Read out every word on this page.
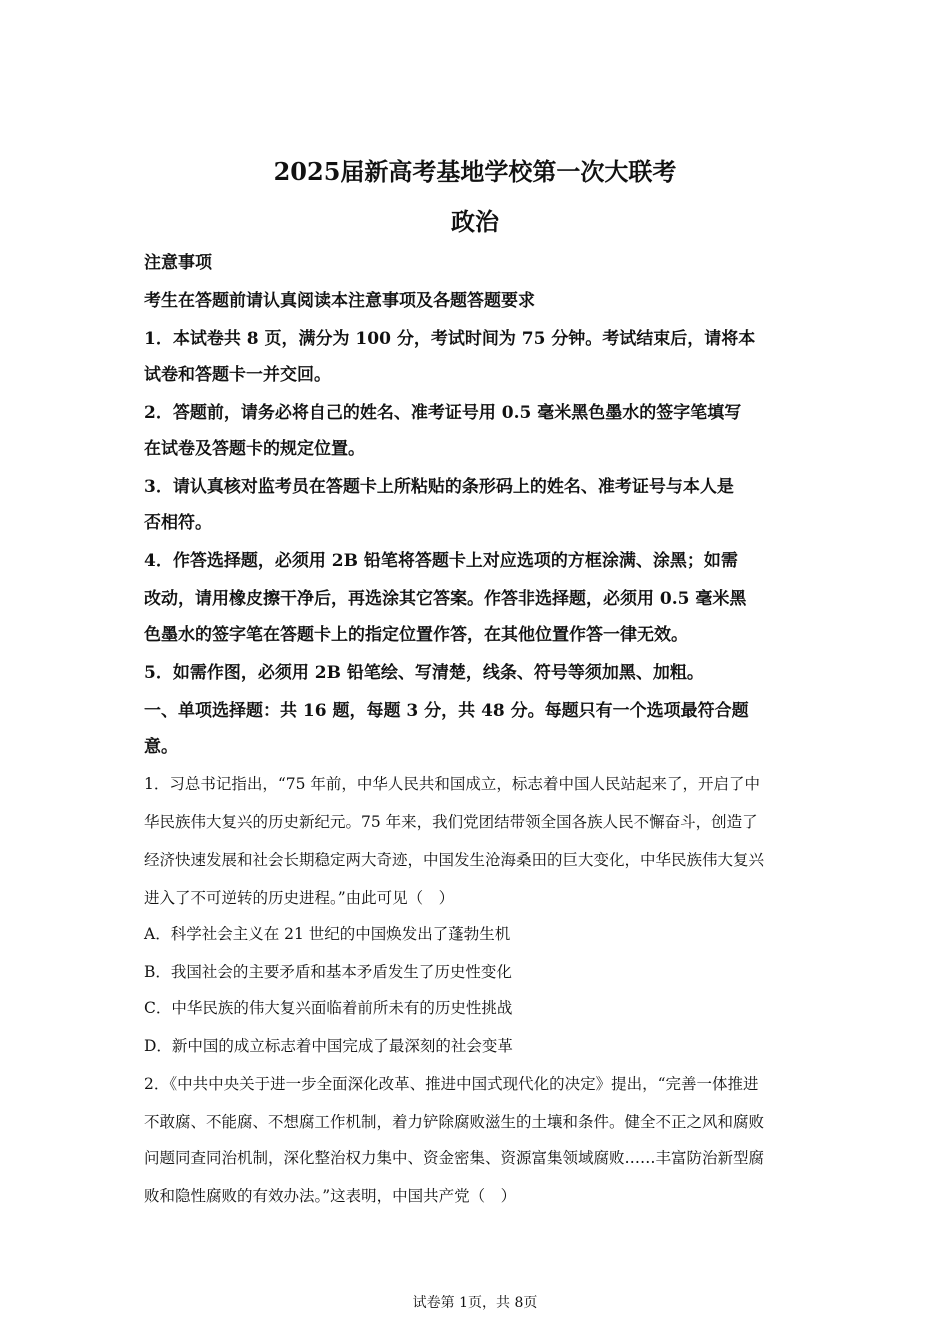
2025届新高考基地学校第一次大联考
政治
注意事项
考生在答题前请认真阅读本注意事项及各题答题要求
1．本试卷共 8 页，满分为 100 分，考试时间为 75 分钟。考试结束后，请将本
试卷和答题卡一并交回。
2．答题前，请务必将自己的姓名、准考证号用 0.5 毫米黑色墨水的签字笔填写
在试卷及答题卡的规定位置。
3．请认真核对监考员在答题卡上所粘贴的条形码上的姓名、准考证号与本人是
否相符。
4．作答选择题，必须用 2B 铅笔将答题卡上对应选项的方框涂满、涂黑；如需
改动，请用橡皮擦干净后，再选涂其它答案。作答非选择题，必须用 0.5 毫米黑
色墨水的签字笔在答题卡上的指定位置作答，在其他位置作答一律无效。
5．如需作图，必须用 2B 铅笔绘、写清楚，线条、符号等须加黑、加粗。
一、单项选择题：共 16 题，每题 3 分，共 48 分。每题只有一个选项最符合题
意。
1．习总书记指出，“75 年前，中华人民共和国成立，标志着中国人民站起来了，开启了中
华民族伟大复兴的历史新纪元。75 年来，我们党团结带领全国各族人民不懈奋斗，创造了
经济快速发展和社会长期稳定两大奇迹，中国发生沧海桑田的巨大变化，中华民族伟大复兴
进入了不可逆转的历史进程。”由此可见（　）
A．科学社会主义在 21 世纪的中国焕发出了蓬勃生机
B．我国社会的主要矛盾和基本矛盾发生了历史性变化
C．中华民族的伟大复兴面临着前所未有的历史性挑战
D．新中国的成立标志着中国完成了最深刻的社会变革
2．《中共中央关于进一步全面深化改革、推进中国式现代化的决定》提出，“完善一体推进
不敢腐、不能腐、不想腐工作机制，着力铲除腐败滋生的土壤和条件。健全不正之风和腐败
问题同查同治机制，深化整治权力集中、资金密集、资源富集领域腐败……丰富防治新型腐
败和隐性腐败的有效办法。”这表明，中国共产党（　）
试卷第 1页，共 8页
